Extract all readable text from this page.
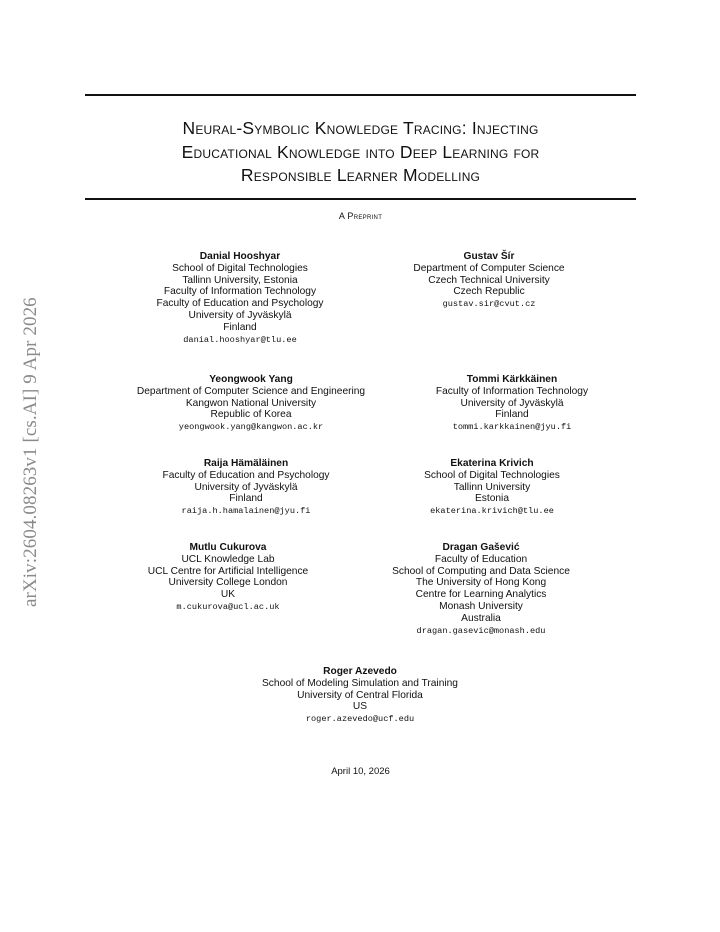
arXiv:2604.08263v1 [cs.AI] 9 Apr 2026
Neural-Symbolic Knowledge Tracing: Injecting
Educational Knowledge into Deep Learning for
Responsible Learner Modelling
A Preprint
Danial Hooshyar
School of Digital Technologies
Tallinn University, Estonia
Faculty of Information Technology
Faculty of Education and Psychology
University of Jyväskylä
Finland
danial.hooshyar@tlu.ee
Gustav Šír
Department of Computer Science
Czech Technical University
Czech Republic
gustav.sir@cvut.cz
Yeongwook Yang
Department of Computer Science and Engineering
Kangwon National University
Republic of Korea
yeongwook.yang@kangwon.ac.kr
Tommi Kärkkäinen
Faculty of Information Technology
University of Jyväskylä
Finland
tommi.karkkainen@jyu.fi
Raija Hämäläinen
Faculty of Education and Psychology
University of Jyväskylä
Finland
raija.h.hamalainen@jyu.fi
Ekaterina Krivich
School of Digital Technologies
Tallinn University
Estonia
ekaterina.krivich@tlu.ee
Mutlu Cukurova
UCL Knowledge Lab
UCL Centre for Artificial Intelligence
University College London
UK
m.cukurova@ucl.ac.uk
Dragan Gašević
Faculty of Education
School of Computing and Data Science
The University of Hong Kong
Centre for Learning Analytics
Monash University
Australia
dragan.gasevic@monash.edu
Roger Azevedo
School of Modeling Simulation and Training
University of Central Florida
US
roger.azevedo@ucf.edu
April 10, 2026
